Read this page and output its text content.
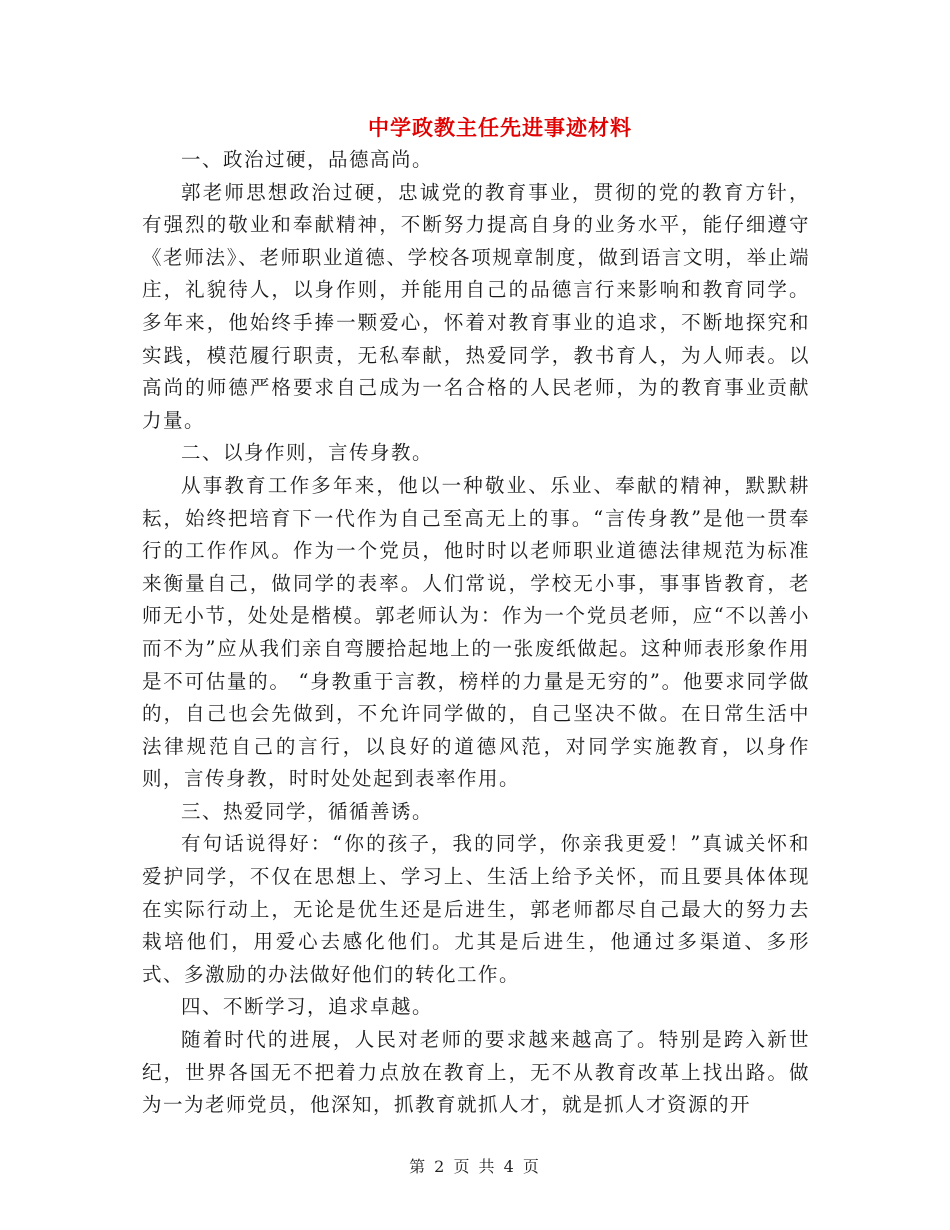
中学政教主任先进事迹材料

一、政治过硬，品德高尚。

郭老师思想政治过硬，忠诚党的教育事业，贯彻的党的教育方针，有强烈的敬业和奉献精神，不断努力提高自身的业务水平，能仔细遵守《老师法》、老师职业道德、学校各项规章制度，做到语言文明，举止端庄，礼貌待人，以身作则，并能用自己的品德言行来影响和教育同学。多年来，他始终手捧一颗爱心，怀着对教育事业的追求，不断地探究和实践，模范履行职责，无私奉献，热爱同学，教书育人，为人师表。以高尚的师德严格要求自己成为一名合格的人民老师，为的教育事业贡献力量。

二、以身作则，言传身教。

从事教育工作多年来，他以一种敬业、乐业、奉献的精神，默默耕耘，始终把培育下一代作为自己至高无上的事。“言传身教”是他一贯奉行的工作作风。作为一个党员，他时时以老师职业道德法律规范为标准来衡量自己，做同学的表率。人们常说，学校无小事，事事皆教育，老师无小节，处处是楷模。郭老师认为：作为一个党员老师，应“不以善小而不为”应从我们亲自弯腰拾起地上的一张废纸做起。这种师表形象作用是不可估量的。 “身教重于言教，榜样的力量是无穷的”。他要求同学做的，自己也会先做到，不允许同学做的，自己坚决不做。在日常生活中法律规范自己的言行，以良好的道德风范，对同学实施教育，以身作则，言传身教，时时处处起到表率作用。

三、热爱同学，循循善诱。

有句话说得好：“你的孩子，我的同学，你亲我更爱！”真诚关怀和爱护同学，不仅在思想上、学习上、生活上给予关怀，而且要具体体现在实际行动上，无论是优生还是后进生，郭老师都尽自己最大的努力去栽培他们，用爱心去感化他们。尤其是后进生，他通过多渠道、多形式、多激励的办法做好他们的转化工作。

四、不断学习，追求卓越。

随着时代的进展，人民对老师的要求越来越高了。特别是跨入新世纪，世界各国无不把着力点放在教育上，无不从教育改革上找出路。做为一为老师党员，他深知，抓教育就抓人才，就是抓人才资源的开

第 2 页 共 4 页
